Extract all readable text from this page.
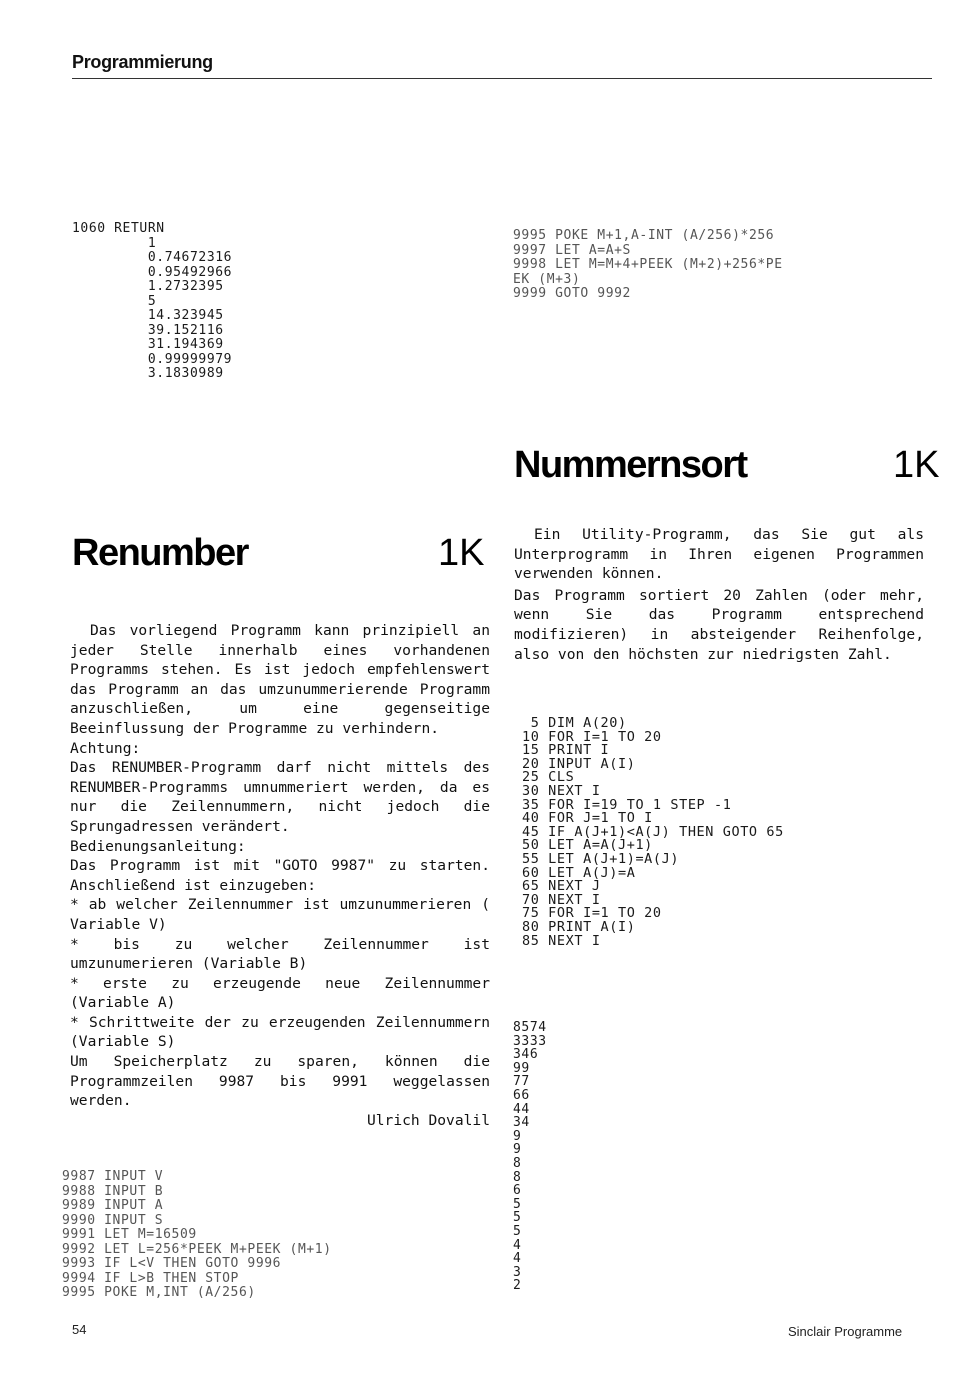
Programmierung
1060 RETURN
1
0.74672316
0.95492966
1.2732395
5
14.323945
39.152116
31.194369
0.99999979
3.1830989
9995 POKE M+1,A-INT (A/256)*256
9997 LET A=A+S
9998 LET M=M+4+PEEK (M+2)+256*PE
EK (M+3)
9999 GOTO 9992
Renumber	1K

Das vorliegend Programm kann prinzipiell an jeder Stelle innerhalb eines vorhandenen Programms stehen. Es ist jedoch empfehlenswert das Programm an das umzunummerierende Programm anzuschließen, um eine gegenseitige Beeinflussung der Programme zu verhindern.

Achtung:

Das RENUMBER-Programm darf nicht mittels des RENUMBER-Programms umnummeriert werden, da es nur die Zeilennummern, nicht jedoch die Sprungadressen verändert.

Bedienungsanleitung:

Das Programm ist mit "GOTO 9987" zu starten. Anschließend ist einzugeben:

* ab welcher Zeilennummer ist umzunummerieren ( Variable V)

* bis zu welcher Zeilennummer ist umzunumerieren (Variable B)

* erste zu erzeugende neue Zeilennummer (Variable A)

* Schrittweite der zu erzeugenden Zeilennummern (Variable S)

Um Speicherplatz zu sparen, können die Programmzeilen 9987 bis 9991 weggelassen werden.

Ulrich Dovalil

9987 INPUT V
9988 INPUT B
9989 INPUT A
9990 INPUT S
9991 LET M=16509
9992 LET L=256*PEEK M+PEEK (M+1)
9993 IF L<V THEN GOTO 9996
9994 IF L>B THEN STOP
9995 POKE M,INT (A/256)
Nummernsort	1K

Ein Utility-Programm, das Sie gut als Unterprogramm in Ihren eigenen Programmen verwenden können.

Das Programm sortiert 20 Zahlen (oder mehr, wenn Sie das Programm entsprechend modifizieren) in absteigender Reihenfolge, also von den höchsten zur niedrigsten Zahl.

5 DIM A(20)
10 FOR I=1 TO 20
15 PRINT I
20 INPUT A(I)
25 CLS
30 NEXT I
35 FOR I=19 TO 1 STEP -1
40 FOR J=1 TO I
45 IF A(J+1)<A(J) THEN GOTO 65
50 LET A=A(J+1)
55 LET A(J+1)=A(J)
60 LET A(J)=A
65 NEXT J
70 NEXT I
75 FOR I=1 TO 20
80 PRINT A(I)
85 NEXT I
8574
3333
346
99
77
66
44
34
9
9
8
8
6
5
5
5
4
4
3
2
54	Sinclair Programme
